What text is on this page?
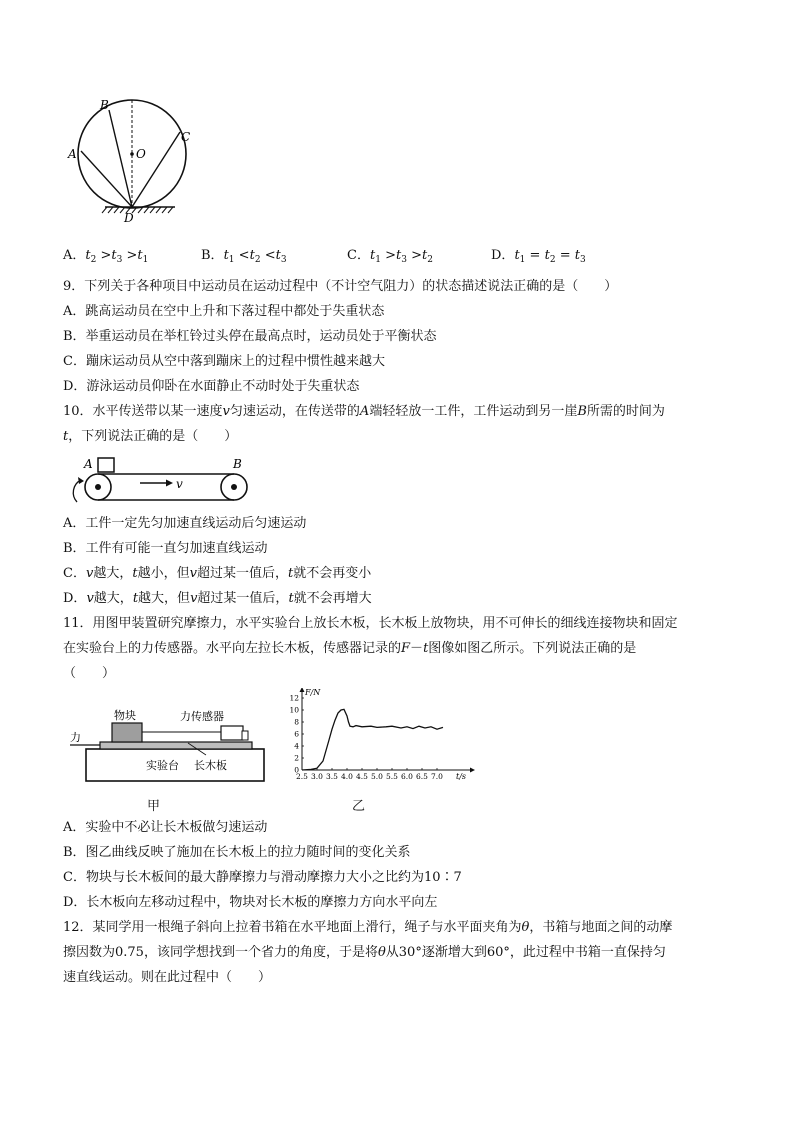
B
A
C
O
D
A．$t_2 >t_3 >t_1$	B．$t_1 <t_2 <t_3$	C．$t_1 >t_3 >t_2$	D．$t_1 = t_2 = t_3$
9．下列关于各种项目中运动员在运动过程中（不计空气阻力）的状态描述说法正确的是（　　）
A．跳高运动员在空中上升和下落过程中都处于失重状态
B．举重运动员在举杠铃过头停在最高点时，运动员处于平衡状态
C．蹦床运动员从空中落到蹦床上的过程中惯性越来越大
D．游泳运动员仰卧在水面静止不动时处于失重状态
10．水平传送带以某一速度v匀速运动，在传送带的A端轻轻放一工件，工件运动到另一崖B所需的时间为
t，下列说法正确的是（　　）
A	B
v
A．工件一定先匀加速直线运动后匀速运动
B．工件有可能一直匀加速直线运动
C．v越大，t越小，但v超过某一值后，t就不会再变小
D．v越大，t越大，但v超过某一值后，t就不会再增大
11．用图甲装置研究摩擦力，水平实验台上放长木板，长木板上放物块，用不可伸长的细线连接物块和固定
在实验台上的力传感器。水平向左拉长木板，传感器记录的F－t图像如图乙所示。下列说法正确的是
（　　）
物块	力传感器
力
实验台 长木板
甲
F/N
t/s
2.5 3.0 3.5 4.0 4.5 5.0 5.5 6.0 6.5 7.0
0
2
4
6
8
10
12
乙
A．实验中不必让长木板做匀速运动
B．图乙曲线反映了施加在长木板上的拉力随时间的变化关系
C．物块与长木板间的最大静摩擦力与滑动摩擦力大小之比约为10∶7
D．长木板向左移动过程中，物块对长木板的摩擦力方向水平向左
12．某同学用一根绳子斜向上拉着书箱在水平地面上滑行，绳子与水平面夹角为θ，书箱与地面之间的动摩
擦因数为0.75，该同学想找到一个省力的角度，于是将θ从30°逐渐增大到60°，此过程中书箱一直保持匀
速直线运动。则在此过程中（　　）
